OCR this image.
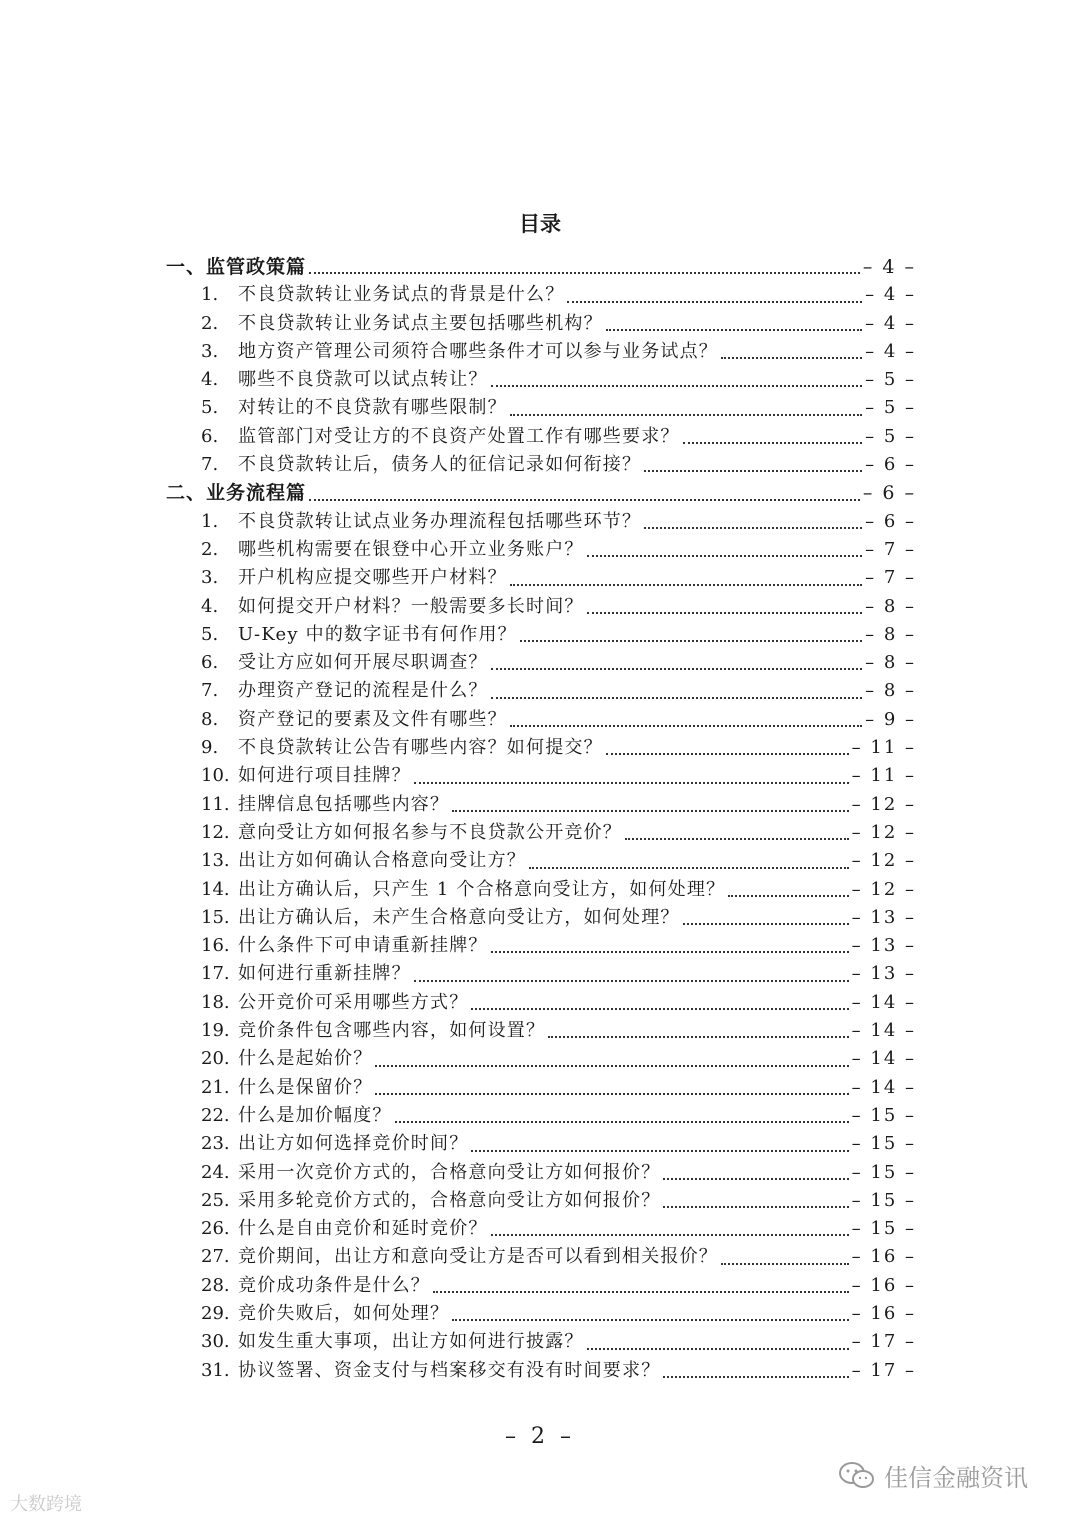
目录
一、监管政策篇	– 4 –
1.	不良贷款转让业务试点的背景是什么？	– 4 –
2.	不良贷款转让业务试点主要包括哪些机构？	– 4 –
3.	地方资产管理公司须符合哪些条件才可以参与业务试点？	– 4 –
4.	哪些不良贷款可以试点转让？	– 5 –
5.	对转让的不良贷款有哪些限制？	– 5 –
6.	监管部门对受让方的不良资产处置工作有哪些要求？	– 5 –
7.	不良贷款转让后，债务人的征信记录如何衔接？	– 6 –
二、业务流程篇	– 6 –
1.	不良贷款转让试点业务办理流程包括哪些环节？	– 6 –
2.	哪些机构需要在银登中心开立业务账户？	– 7 –
3.	开户机构应提交哪些开户材料？	– 7 –
4.	如何提交开户材料？一般需要多长时间？	– 8 –
5.	U-Key 中的数字证书有何作用？	– 8 –
6.	受让方应如何开展尽职调查？	– 8 –
7.	办理资产登记的流程是什么？	– 8 –
8.	资产登记的要素及文件有哪些？	– 9 –
9.	不良贷款转让公告有哪些内容？如何提交？	– 11 –
10. 如何进行项目挂牌？	– 11 –
11. 挂牌信息包括哪些内容？	– 12 –
12. 意向受让方如何报名参与不良贷款公开竞价？	– 12 –
13. 出让方如何确认合格意向受让方？	– 12 –
14. 出让方确认后，只产生 1 个合格意向受让方，如何处理？	– 12 –
15. 出让方确认后，未产生合格意向受让方，如何处理？	– 13 –
16. 什么条件下可申请重新挂牌？	– 13 –
17. 如何进行重新挂牌？	– 13 –
18. 公开竞价可采用哪些方式？	– 14 –
19. 竞价条件包含哪些内容，如何设置？	– 14 –
20. 什么是起始价？	– 14 –
21. 什么是保留价？	– 14 –
22. 什么是加价幅度？	– 15 –
23. 出让方如何选择竞价时间？	– 15 –
24. 采用一次竞价方式的，合格意向受让方如何报价？	– 15 –
25. 采用多轮竞价方式的，合格意向受让方如何报价？	– 15 –
26. 什么是自由竞价和延时竞价？	– 15 –
27. 竞价期间，出让方和意向受让方是否可以看到相关报价？	– 16 –
28. 竞价成功条件是什么？	– 16 –
29. 竞价失败后，如何处理？	– 16 –
30. 如发生重大事项，出让方如何进行披露？	– 17 –
31. 协议签署、资金支付与档案移交有没有时间要求？	– 17 –
– 2 –
大数跨境
佳信金融资讯
